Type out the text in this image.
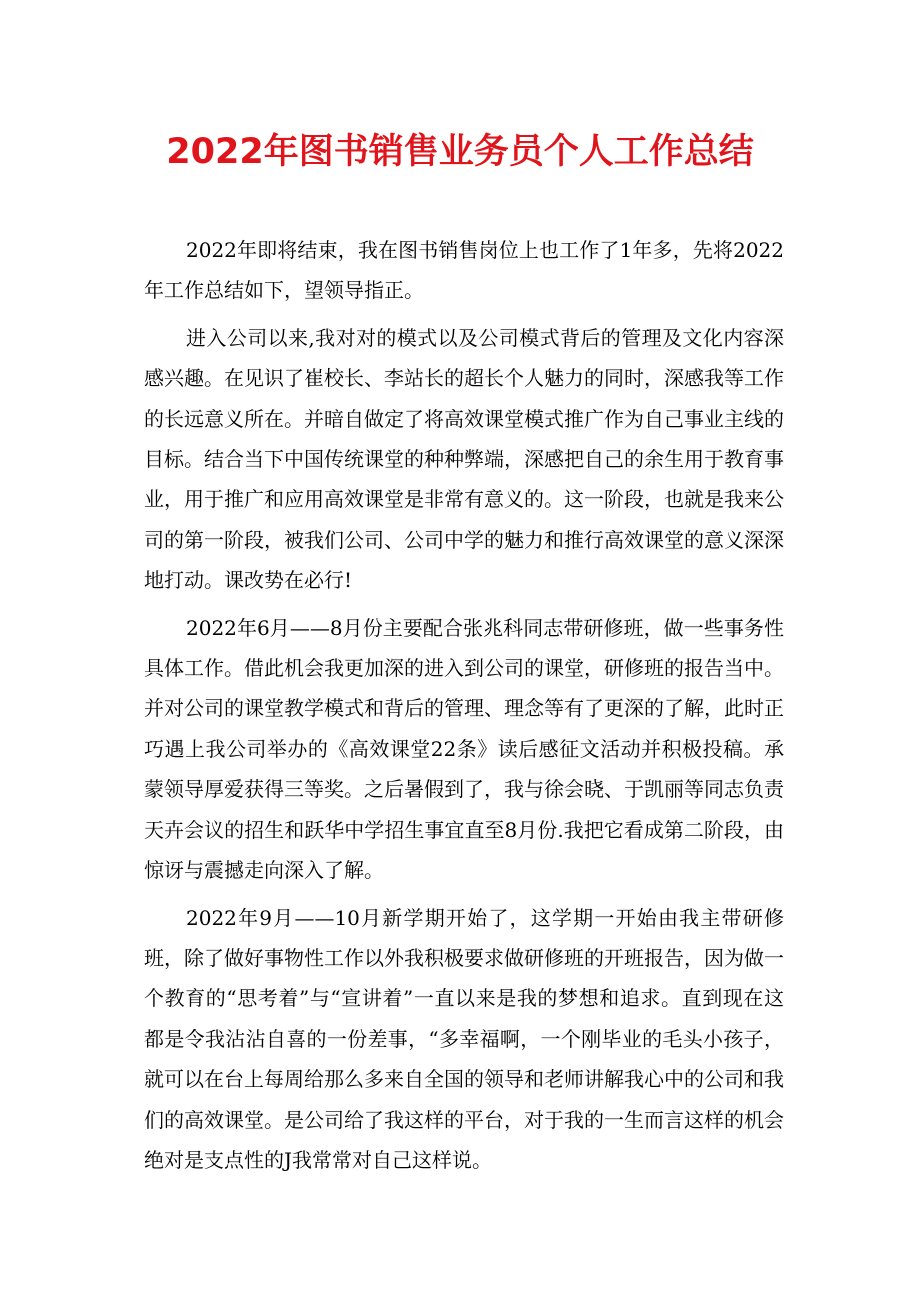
2022年图书销售业务员个人工作总结

2022年即将结束，我在图书销售岗位上也工作了1年多，先将2022年工作总结如下，望领导指正。

进入公司以来,我对对的模式以及公司模式背后的管理及文化内容深感兴趣。在见识了崔校长、李站长的超长个人魅力的同时，深感我等工作的长远意义所在。并暗自做定了将高效课堂模式推广作为自己事业主线的目标。结合当下中国传统课堂的种种弊端，深感把自己的余生用于教育事业，用于推广和应用高效课堂是非常有意义的。这一阶段，也就是我来公司的第一阶段，被我们公司、公司中学的魅力和推行高效课堂的意义深深地打动。课改势在必行!

2022年6月——8月份主要配合张兆科同志带研修班，做一些事务性具体工作。借此机会我更加深的进入到公司的课堂，研修班的报告当中。并对公司的课堂教学模式和背后的管理、理念等有了更深的了解，此时正巧遇上我公司举办的《高效课堂22条》读后感征文活动并积极投稿。承蒙领导厚爱获得三等奖。之后暑假到了，我与徐会晓、于凯丽等同志负责天卉会议的招生和跃华中学招生事宜直至8月份.我把它看成第二阶段，由惊讶与震撼走向深入了解。

2022年9月——10月新学期开始了，这学期一开始由我主带研修班，除了做好事物性工作以外我积极要求做研修班的开班报告，因为做一个教育的“思考着”与“宣讲着”一直以来是我的梦想和追求。直到现在这都是令我沾沾自喜的一份差事，“多幸福啊，一个刚毕业的毛头小孩子，就可以在台上每周给那么多来自全国的领导和老师讲解我心中的公司和我们的高效课堂。是公司给了我这样的平台，对于我的一生而言这样的机会绝对是支点性的J我常常对自己这样说。
